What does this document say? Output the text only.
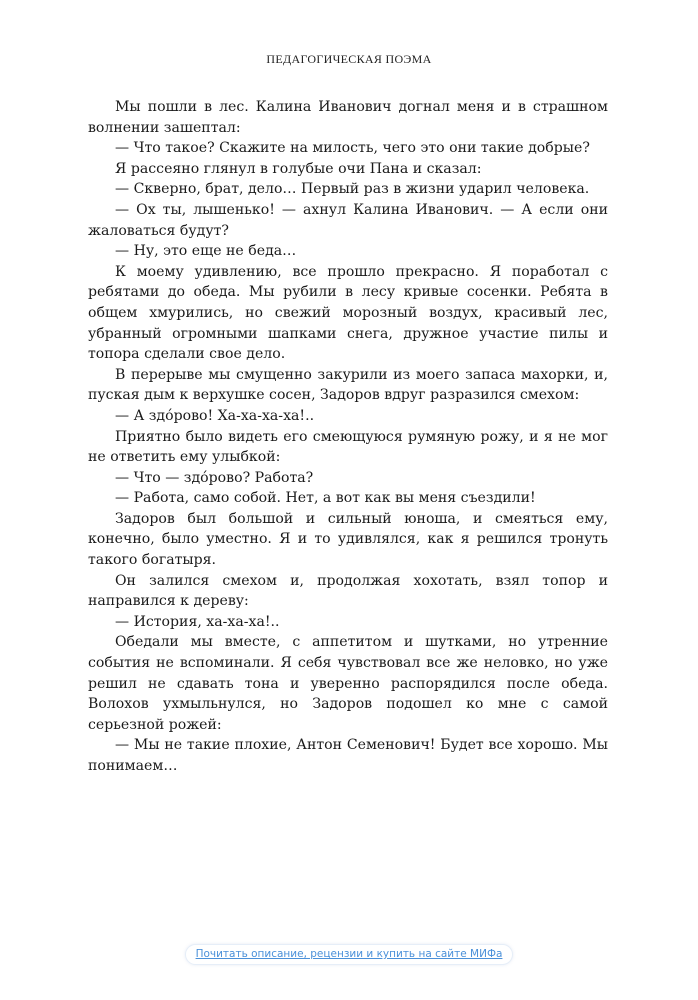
ПЕДАГОГИЧЕСКАЯ ПОЭМА

Мы пошли в лес. Калина Иванович догнал меня и в страшном волнении зашептал:

— Что такое? Скажите на милость, чего это они такие добрые?

Я рассеяно глянул в голубые очи Пана и сказал:

— Скверно, брат, дело… Первый раз в жизни ударил человека.

— Ох ты, лышенько! — ахнул Калина Иванович. — А если они жаловаться будут?

— Ну, это еще не беда…

К моему удивлению, все прошло прекрасно. Я поработал с ребятами до обеда. Мы рубили в лесу кривые сосенки. Ребята в общем хмурились, но свежий морозный воздух, красивый лес, убранный огромными шапками снега, дружное участие пилы и топора сделали свое дело.

В перерыве мы смущенно закурили из моего запаса махорки, и, пуская дым к верхушке сосен, Задоров вдруг разразился смехом:

— А здóрово! Ха-ха-ха-ха!..

Приятно было видеть его смеющуюся румяную рожу, и я не мог не ответить ему улыбкой:

— Что — здóрово? Работа?

— Работа, само собой. Нет, а вот как вы меня съездили!

Задоров был большой и сильный юноша, и смеяться ему, конечно, было уместно. Я и то удивлялся, как я решился тронуть такого богатыря.

Он залился смехом и, продолжая хохотать, взял топор и направился к дереву:

— История, ха-ха-ха!..

Обедали мы вместе, с аппетитом и шутками, но утренние события не вспоминали. Я себя чувствовал все же неловко, но уже решил не сдавать тона и уверенно распорядился после обеда. Волохов ухмыльнулся, но Задоров подошел ко мне с самой серьезной рожей:

— Мы не такие плохие, Антон Семенович! Будет все хорошо. Мы понимаем…

Почитать описание, рецензии и купить на сайте МИФа
